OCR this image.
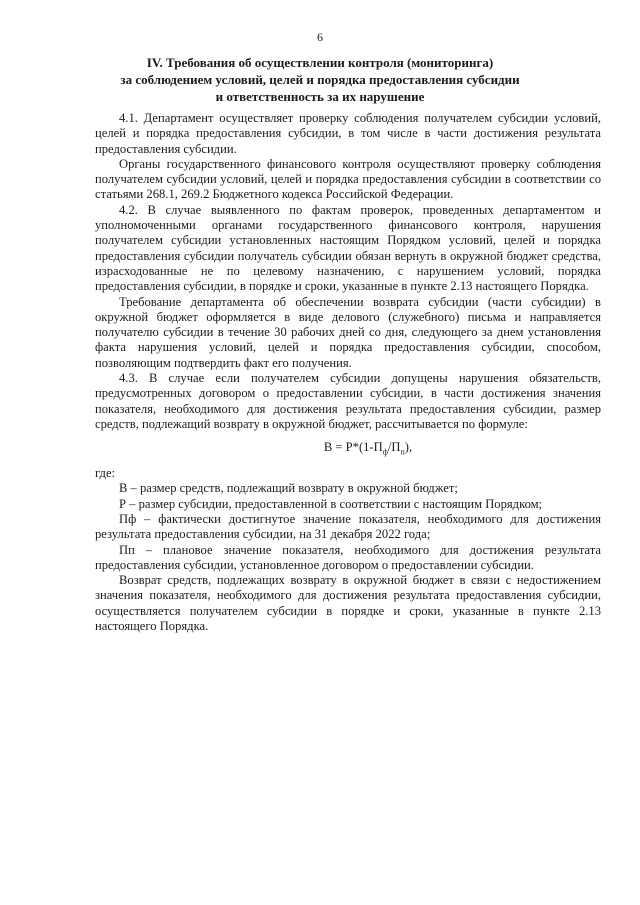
6
IV. Требования об осуществлении контроля (мониторинга)
за соблюдением условий, целей и порядка предоставления субсидии
и ответственность за их нарушение

4.1. Департамент осуществляет проверку соблюдения получателем субсидии условий, целей и порядка предоставления субсидии, в том числе в части достижения результата предоставления субсидии.

Органы государственного финансового контроля осуществляют проверку соблюдения получателем субсидии условий, целей и порядка предоставления субсидии в соответствии со статьями 268.1, 269.2 Бюджетного кодекса Российской Федерации.

4.2. В случае выявленного по фактам проверок, проведенных департаментом и уполномоченными органами государственного финансового контроля, нарушения получателем субсидии установленных настоящим Порядком условий, целей и порядка предоставления субсидии получатель субсидии обязан вернуть в окружной бюджет средства, израсходованные не по целевому назначению, с нарушением условий, порядка предоставления субсидии, в порядке и сроки, указанные в пункте 2.13 настоящего Порядка.

Требование департамента об обеспечении возврата субсидии (части субсидии) в окружной бюджет оформляется в виде делового (служебного) письма и направляется получателю субсидии в течение 30 рабочих дней со дня, следующего за днем установления факта нарушения условий, целей и порядка предоставления субсидии, способом, позволяющим подтвердить факт его получения.

4.3. В случае если получателем субсидии допущены нарушения обязательств, предусмотренных договором о предоставлении субсидии, в части достижения значения показателя, необходимого для достижения результата предоставления субсидии, размер средств, подлежащий возврату в окружной бюджет, рассчитывается по формуле:

$В = Р*(1-П_ф/П_п)$,

где:

В – размер средств, подлежащий возврату в окружной бюджет;

Р – размер субсидии, предоставленной в соответствии с настоящим Порядком;

Пф – фактически достигнутое значение показателя, необходимого для достижения результата предоставления субсидии, на 31 декабря 2022 года;

Пп – плановое значение показателя, необходимого для достижения результата предоставления субсидии, установленное договором о предоставлении субсидии.

Возврат средств, подлежащих возврату в окружной бюджет в связи с недостижением значения показателя, необходимого для достижения результата предоставления субсидии, осуществляется получателем субсидии в порядке и сроки, указанные в пункте 2.13 настоящего Порядка.
